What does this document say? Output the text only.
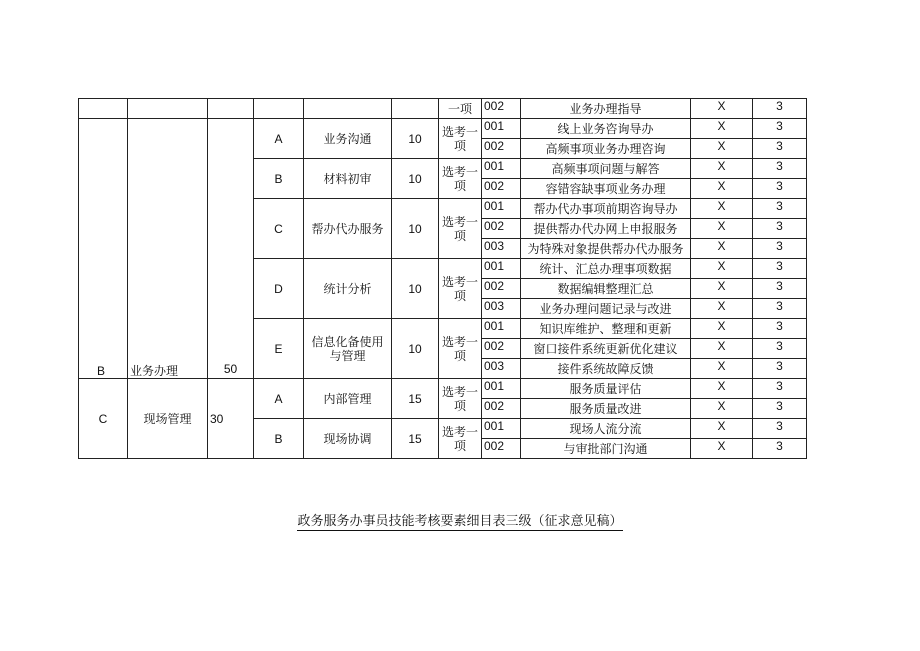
						一项	002	业务办理指导	X	3
B	业务办理	50	A	业务沟通	10	选考一项	001	线上业务咨询导办	X	3
							002	高频事项业务办理咨询	X	3
			B	材料初审	10	选考一项	001	高频事项问题与解答	X	3
							002	容错容缺事项业务办理	X	3
			C	帮办代办服务	10	选考一项	001	帮办代办事项前期咨询导办	X	3
							002	提供帮办代办网上申报服务	X	3
							003	为特殊对象提供帮办代办服务	X	3
			D	统计分析	10	选考一项	001	统计、汇总办理事项数据	X	3
							002	数据编辑整理汇总	X	3
							003	业务办理问题记录与改进	X	3
			E	信息化备使用与管理	10	选考一项	001	知识库维护、整理和更新	X	3
							002	窗口接件系统更新优化建议	X	3
							003	接件系统故障反馈	X	3
C	现场管理	30	A	内部管理	15	选考一项	001	服务质量评估	X	3
							002	服务质量改进	X	3
			B	现场协调	15	选考一项	001	现场人流分流	X	3
							002	与审批部门沟通	X	3
政务服务办事员技能考核要素细目表三级（征求意见稿）
